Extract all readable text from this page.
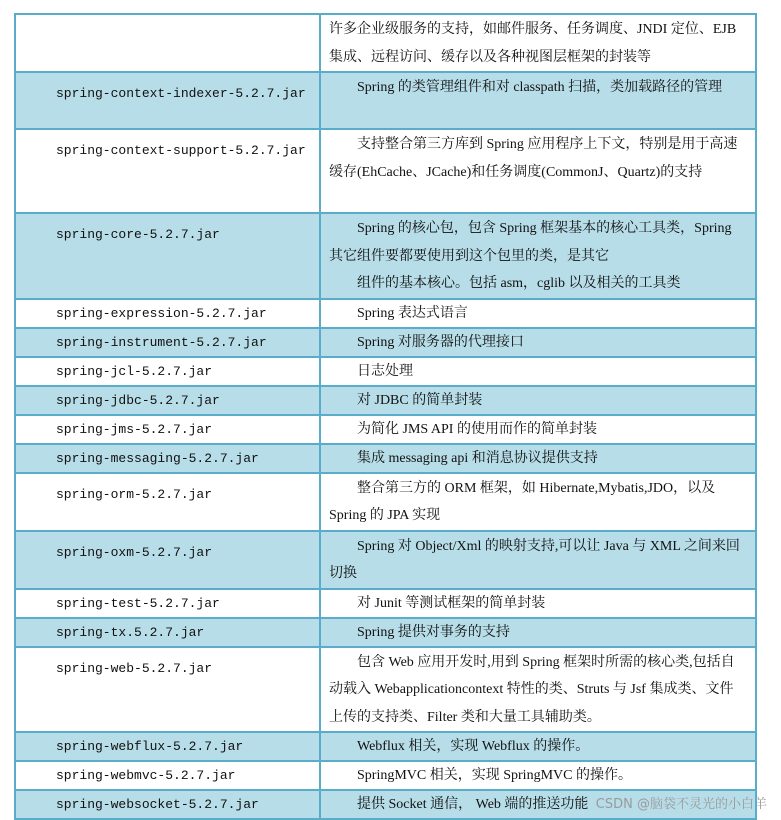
	许多企业级服务的支持，如邮件服务、任务调度、JNDI 定位、EJB 集成、远程访问、缓存以及各种视图层框架的封装等

spring-context-indexer-5.2.7.jar	Spring 的类管理组件和对 classpath 扫描，类加载路径的管理

spring-context-support-5.2.7.jar	支持整合第三方库到 Spring 应用程序上下文，特别是用于高速缓存(EhCache、JCache)和任务调度(CommonJ、Quartz)的支持

spring-core-5.2.7.jar	Spring 的核心包，包含 Spring 框架基本的核心工具类，Spring 其它组件要都要使用到这个包里的类，是其它
组件的基本核心。包括 asm，cglib 以及相关的工具类

spring-expression-5.2.7.jar	Spring 表达式语言

spring-instrument-5.2.7.jar	Spring 对服务器的代理接口

spring-jcl-5.2.7.jar	日志处理

spring-jdbc-5.2.7.jar	对 JDBC 的简单封装

spring-jms-5.2.7.jar	为简化 JMS API 的使用而作的简单封装

spring-messaging-5.2.7.jar	集成 messaging api 和消息协议提供支持

spring-orm-5.2.7.jar	整合第三方的 ORM 框架，如 Hibernate,Mybatis,JDO，以及 Spring 的 JPA 实现

spring-oxm-5.2.7.jar	Spring 对 Object/Xml 的映射支持,可以让 Java 与 XML 之间来回切换

spring-test-5.2.7.jar	对 Junit 等测试框架的简单封装

spring-tx.5.2.7.jar	Spring 提供对事务的支持

spring-web-5.2.7.jar	包含 Web 应用开发时,用到 Spring 框架时所需的核心类,包括自动载入 Webapplicationcontext 特性的类、Struts 与 Jsf 集成类、文件上传的支持类、Filter 类和大量工具辅助类。

spring-webflux-5.2.7.jar	Webflux 相关，实现 Webflux 的操作。

spring-webmvc-5.2.7.jar	SpringMVC 相关，实现 SpringMVC 的操作。

spring-websocket-5.2.7.jar	提供 Socket 通信， Web 端的推送功能 CSDN @脑袋不灵光的小白羊
